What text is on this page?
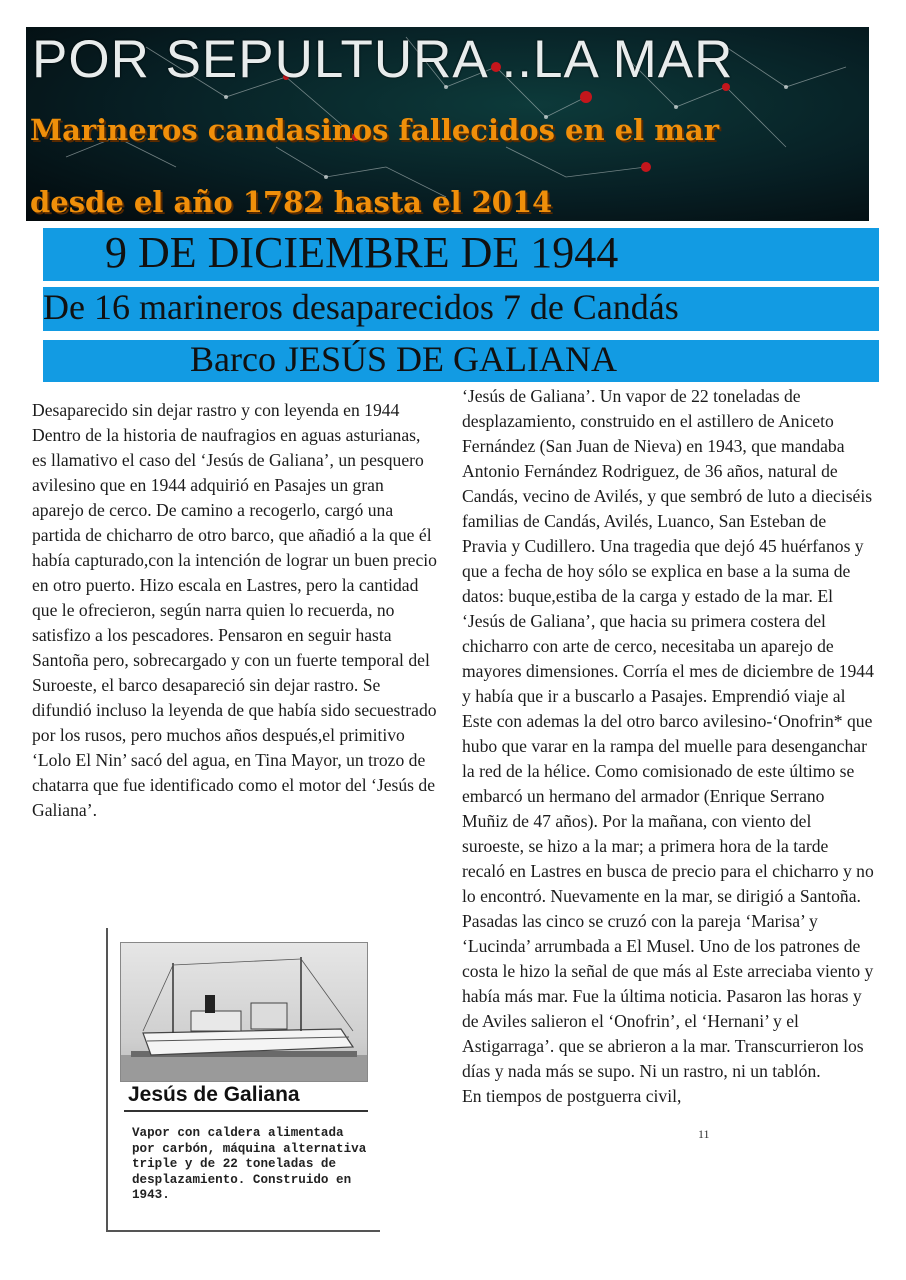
POR SEPULTURA ..LA MAR
Marineros candasinos fallecidos en el mar
desde el año 1782 hasta el 2014
9 DE DICIEMBRE DE 1944
De 16 marineros desaparecidos 7 de Candás
Barco JESÚS DE GALIANA

Desaparecido sin dejar rastro y con leyenda en 1944

Dentro de la historia de naufragios en aguas asturianas, es llamativo el caso del ‘Jesús de Galiana’, un pesquero avilesino que en 1944 adquirió en Pasajes un gran aparejo de cerco. De camino a recogerlo, cargó una partida de chicharro de otro barco, que añadió a la que él había capturado,con la intención de lograr un buen precio en otro puerto. Hizo escala en Lastres, pero la cantidad que le ofrecieron, según narra quien lo recuerda, no satisfizo a los pescadores. Pensaron en seguir hasta Santoña pero, sobrecargado y con un fuerte temporal del Suroeste, el barco desapareció sin dejar rastro. Se difundió incluso la leyenda de que había sido secuestrado por los rusos, pero muchos años después,el primitivo ‘Lolo El Nin’ sacó del agua, en Tina Mayor, un trozo de chatarra que fue identificado como el motor del ‘Jesús de Galiana’.

‘Jesús de Galiana’. Un vapor de 22 toneladas de desplazamiento, construido en el astillero de Aniceto Fernández (San Juan de Nieva) en 1943, que mandaba Antonio Fernández Rodriguez, de 36 años, natural de Candás, vecino de Avilés, y que sembró de luto a dieciséis familias de Candás, Avilés, Luanco, San Esteban de Pravia y Cudillero. Una tragedia que dejó 45 huérfanos y que a fecha de hoy sólo se explica en base a la suma de datos: buque,estiba de la carga y estado de la mar. El ‘Jesús de Galiana’, que hacia su primera costera del chicharro con arte de cerco, necesitaba un aparejo de mayores dimensiones. Corría el mes de diciembre de 1944 y había que ir a buscarlo a Pasajes. Emprendió viaje al Este con ademas la del otro barco avilesino-‘Onofrin* que hubo que varar en la rampa del muelle para desenganchar la red de la hélice. Como comisionado de este último se embarcó un hermano del armador (Enrique Serrano Muñiz de 47 años). Por la mañana, con viento del suroeste, se hizo a la mar; a primera hora de la tarde recaló en Lastres en busca de precio para el chicharro y no lo encontró. Nuevamente en la mar, se dirigió a Santoña. Pasadas las cinco se cruzó con la pareja ‘Marisa’ y ‘Lucinda’ arrumbada a El Musel. Uno de los patrones de costa le hizo la señal de que más al Este arreciaba viento y había más mar. Fue la última noticia. Pasaron las horas y de Aviles salieron el ‘Onofrin’, el ‘Hernani’ y el Astigarraga’. que se abrieron a la mar. Transcurrieron los días y nada más se supo. Ni un rastro, ni un tablón.

En tiempos de postguerra civil,

Jesús de Galiana
Vapor con caldera alimentada por carbón, máquina alternativa triple y de 22 toneladas de desplazamiento. Construido en 1943.
11
